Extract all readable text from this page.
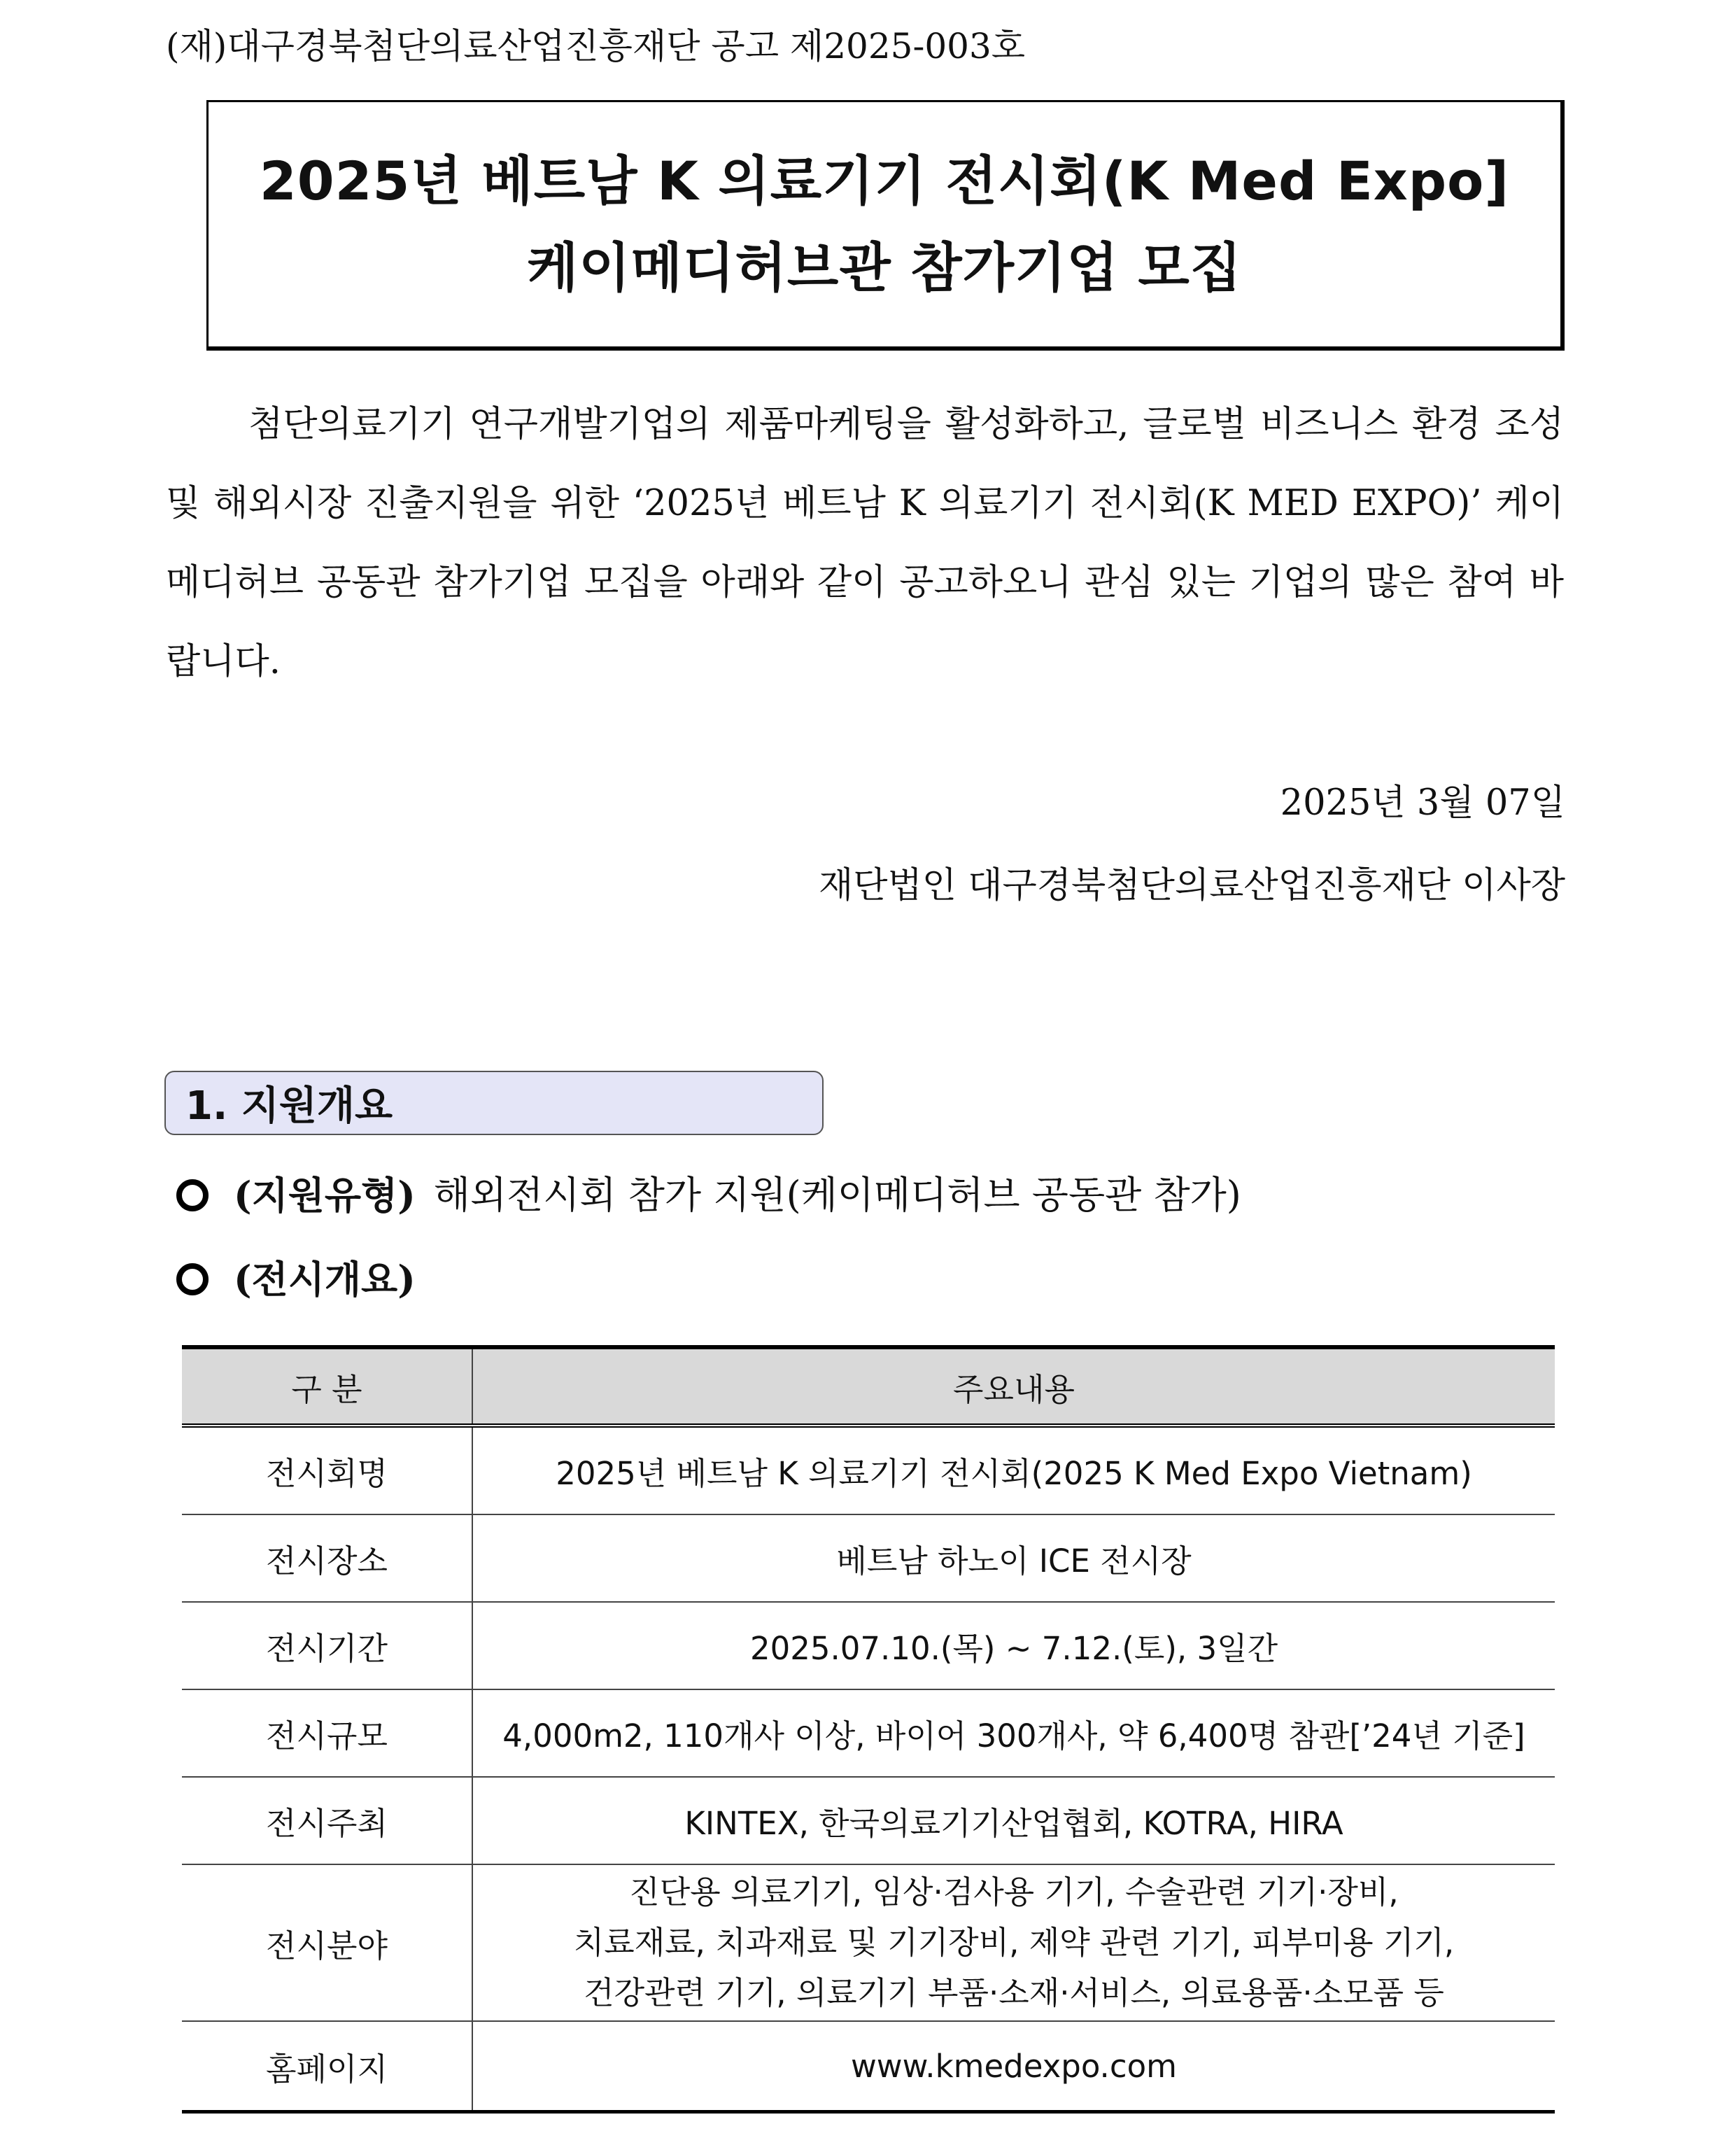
(재)대구경북첨단의료산업진흥재단 공고 제2025-003호
2025년 베트남 K 의료기기 전시회(K Med Expo]
케이메디허브관 참가기업 모집

첨단의료기기 연구개발기업의 제품마케팅을 활성화하고, 글로벌 비즈니스 환경 조성 및 해외시장 진출지원을 위한 ‘2025년 베트남 K 의료기기 전시회(K MED EXPO)’ 케이메디허브 공동관 참가기업 모집을 아래와 같이 공고하오니 관심 있는 기업의 많은 참여 바랍니다.

2025년 3월 07일
재단법인 대구경북첨단의료산업진흥재단 이사장
1. 지원개요
(지원유형) 해외전시회 참가 지원(케이메디허브 공동관 참가)
(전시개요)
구 분	주요내용
전시회명	2025년 베트남 K 의료기기 전시회(2025 K Med Expo Vietnam)
전시장소	베트남 하노이 ICE 전시장
전시기간	2025.07.10.(목) ~ 7.12.(토), 3일간
전시규모	4,000m2, 110개사 이상, 바이어 300개사, 약 6,400명 참관[’24년 기준]
전시주최	KINTEX, 한국의료기기산업협회, KOTRA, HIRA
전시분야	진단용 의료기기, 임상·검사용 기기, 수술관련 기기·장비,
치료재료, 치과재료 및 기기장비, 제약 관련 기기, 피부미용 기기,
건강관련 기기, 의료기기 부품·소재·서비스, 의료용품·소모품 등

홈페이지	www.kmedexpo.com
